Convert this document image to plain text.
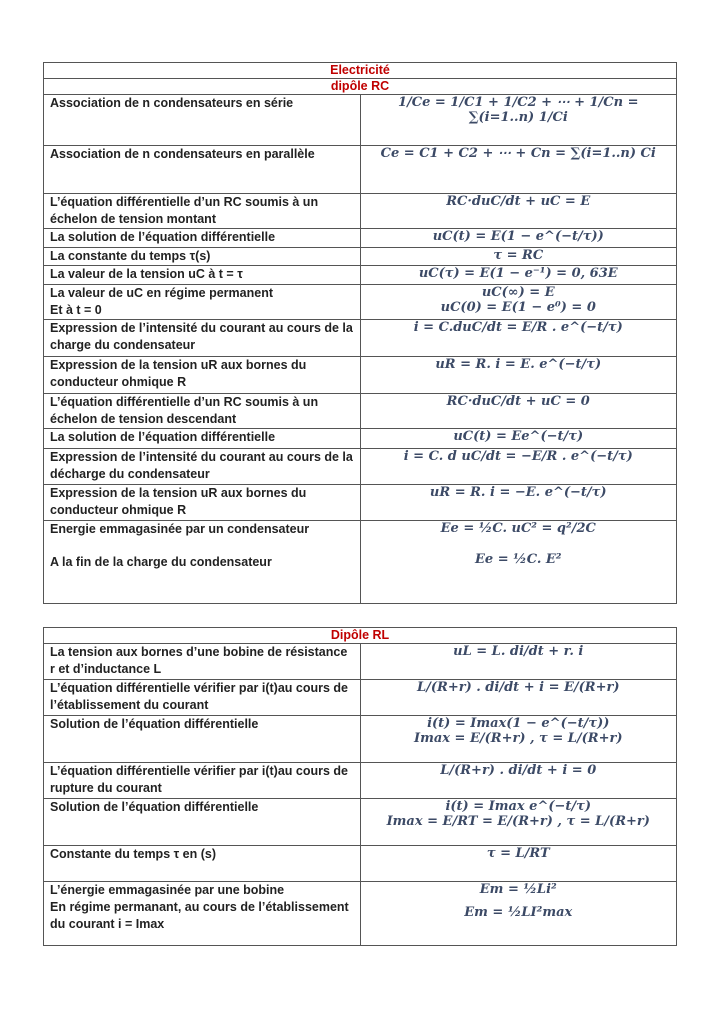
Electricité	
dipôle RC	
Association de n condensateurs en série	1/Ce = 1/C1 + 1/C2 + ⋯ + 1/Cn = ∑(i=1..n) 1/Ci

Association de n condensateurs en parallèle	Ce = C1 + C2 + ⋯ + Cn = ∑(i=1..n) Ci

L’équation différentielle d’un RC soumis à un échelon de tension montant	RC·duC/dt + uC = E

La solution de l’équation différentielle	uC(t) = E(1 − e^(−t/τ))

La constante du temps τ(s)	τ = RC

La valeur de la tension uC à t = τ	uC(τ) = E(1 − e⁻¹) = 0, 63E

La valeur de uC en régime permanent
Et à t = 0	uC(∞) = E
uC(0) = E(1 − e⁰) = 0

Expression de l’intensité du courant au cours de la charge du condensateur	i = C.duC/dt = E/R . e^(−t/τ)

Expression de la tension uR aux bornes du conducteur ohmique R	uR = R. i = E. e^(−t/τ)

L’équation différentielle d’un RC soumis à un échelon de tension descendant	RC·duC/dt + uC = 0

La solution de l’équation différentielle	uC(t) = Ee^(−t/τ)

Expression de l’intensité du courant au cours de la décharge du condensateur	i = C. d uC/dt = −E/R . e^(−t/τ)

Expression de la tension uR aux bornes du conducteur ohmique R	uR = R. i = −E. e^(−t/τ)

Energie emmagasinée par un condensateur
A la fin de la charge du condensateur	Ee = ½C. uC² = q²/2C
Ee = ½C. E²
Dipôle RL	
La tension aux bornes d’une bobine de résistance r et d’inductance L	uL = L. di/dt + r. i

L’équation différentielle vérifier par i(t)au cours de l’établissement du courant	L/(R+r) . di/dt + i = E/(R+r)

Solution de l’équation différentielle	i(t) = Imax(1 − e^(−t/τ))
Imax = E/(R+r) , τ = L/(R+r)

L’équation différentielle vérifier par i(t)au cours de rupture du courant	L/(R+r) . di/dt + i = 0

Solution de l’équation différentielle	i(t) = Imax e^(−t/τ)
Imax = E/RT = E/(R+r) , τ = L/(R+r)

Constante du temps τ en (s)	τ = L/RT

L’énergie emmagasinée par une bobine
En régime permanant, au cours de l’établissement du courant i = Imax	Em = ½Li²
Em = ½LI²max
